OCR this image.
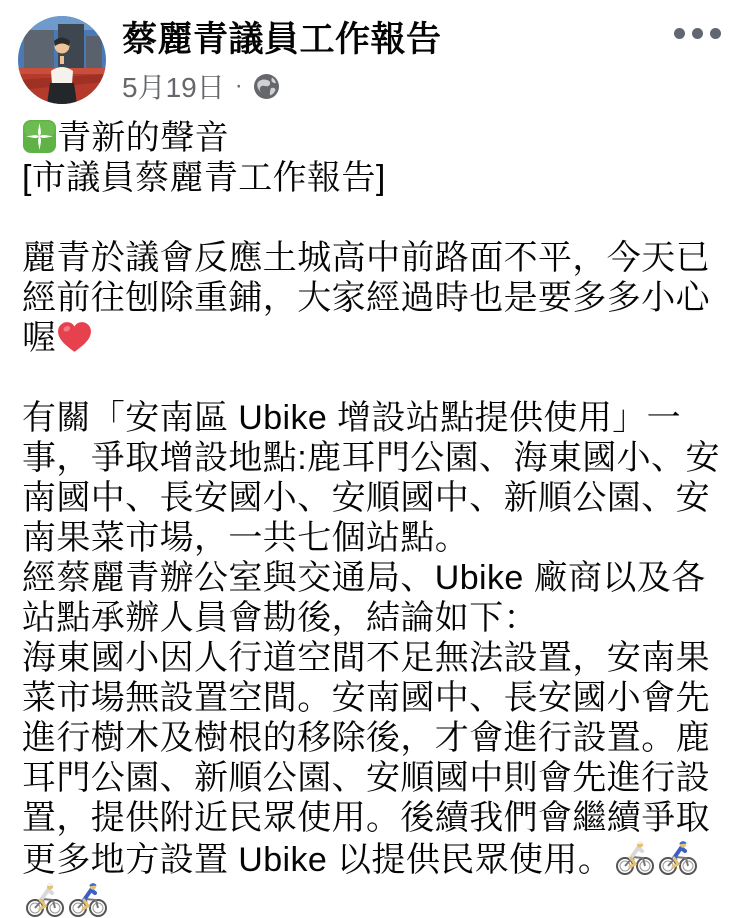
蔡麗青議員工作報告
5月19日 ·
青新的聲音
[市議員蔡麗青工作報告]
麗青於議會反應土城高中前路面不平，今天已經前往刨除重鋪，大家經過時也是要多多小心喔
有關「安南區 Ubike 增設站點提供使用」一事，爭取增設地點:鹿耳門公園、海東國小、安南國中、長安國小、安順國中、新順公園、安南果菜市場，一共七個站點。
經蔡麗青辦公室與交通局、Ubike 廠商以及各站點承辦人員會勘後，結論如下：
海東國小因人行道空間不足無法設置，安南果菜市場無設置空間。安南國中、長安國小會先進行樹木及樹根的移除後，才會進行設置。鹿耳門公園、新順公園、安順國中則會先進行設置，提供附近民眾使用。後續我們會繼續爭取更多地方設置 Ubike 以提供民眾使用。
